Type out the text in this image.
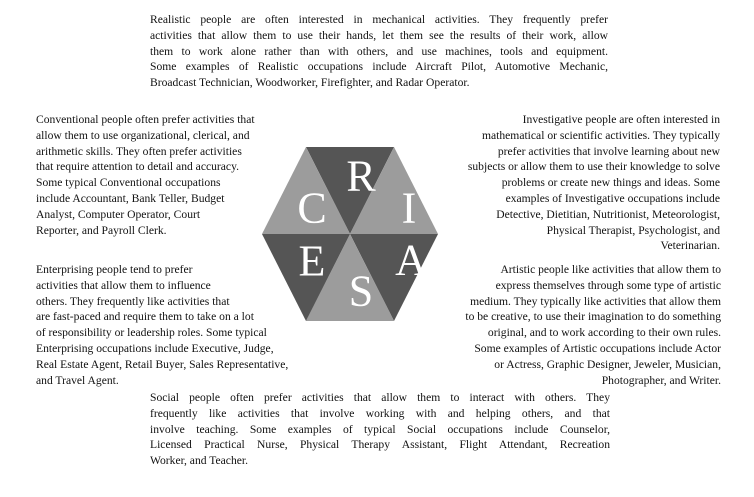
Realistic people are often interested in mechanical activities. They frequently prefer
activities that allow them to use their hands, let them see the results of their work, allow
them to work alone rather than with others, and use machines, tools and equipment.
Some examples of Realistic occupations include Aircraft Pilot, Automotive Mechanic,
Broadcast Technician, Woodworker, Firefighter, and Radar Operator.
Conventional people often prefer activities that
allow them to use organizational, clerical, and
arithmetic skills. They often prefer activities
that require attention to detail and accuracy.
Some typical Conventional occupations
include Accountant, Bank Teller, Budget
Analyst, Computer Operator, Court
Reporter, and Payroll Clerk.
Investigative people are often interested in
mathematical or scientific activities. They typically
prefer activities that involve learning about new
subjects or allow them to use their knowledge to solve
problems or create new things and ideas. Some
examples of Investigative occupations include
Detective, Dietitian, Nutritionist, Meteorologist,
Physical Therapist, Psychologist, and
Veterinarian.
Enterprising people tend to prefer
activities that allow them to influence
others. They frequently like activities that
are fast-paced and require them to take on a lot
of responsibility or leadership roles. Some typical
Enterprising occupations include Executive, Judge,
Real Estate Agent, Retail Buyer, Sales Representative,
and Travel Agent.
Artistic people like activities that allow them to
express themselves through some type of artistic
medium. They typically like activities that allow them
to be creative, to use their imagination to do something
original, and to work according to their own rules.
Some examples of Artistic occupations include Actor
or Actress, Graphic Designer, Jeweler, Musician,
Photographer, and Writer.
Social people often prefer activities that allow them to interact with others. They
frequently like activities that involve working with and helping others, and that
involve teaching. Some examples of typical Social occupations include Counselor,
Licensed Practical Nurse, Physical Therapy Assistant, Flight Attendant, Recreation
Worker, and Teacher.
R
I
A
S
E
C
